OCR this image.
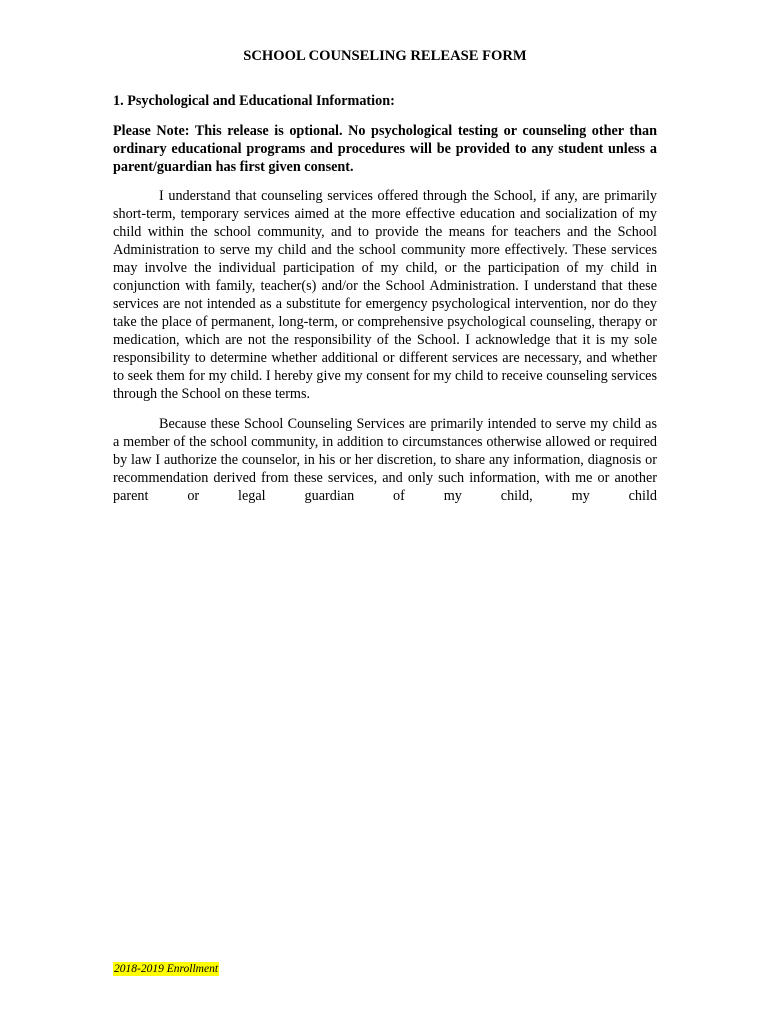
SCHOOL COUNSELING RELEASE FORM
1. Psychological and Educational Information:

Please Note: This release is optional. No psychological testing or counseling other than ordinary educational programs and procedures will be provided to any student unless a parent/guardian has first given consent.

I understand that counseling services offered through the School, if any, are primarily short-term, temporary services aimed at the more effective education and socialization of my child within the school community, and to provide the means for teachers and the School Administration to serve my child and the school community more effectively. These services may involve the individual participation of my child, or the participation of my child in conjunction with family, teacher(s) and/or the School Administration. I understand that these services are not intended as a substitute for emergency psychological intervention, nor do they take the place of permanent, long-term, or comprehensive psychological counseling, therapy or medication, which are not the responsibility of the School. I acknowledge that it is my sole responsibility to determine whether additional or different services are necessary, and whether to seek them for my child. I hereby give my consent for my child to receive counseling services through the School on these terms.

Because these School Counseling Services are primarily intended to serve my child as a member of the school community, in addition to circumstances otherwise allowed or required by law I authorize the counselor, in his or her discretion, to share any information, diagnosis or recommendation derived from these services, and only such information, with me or another parent or legal guardian of my child, my child

2018-2019 Enrollment
